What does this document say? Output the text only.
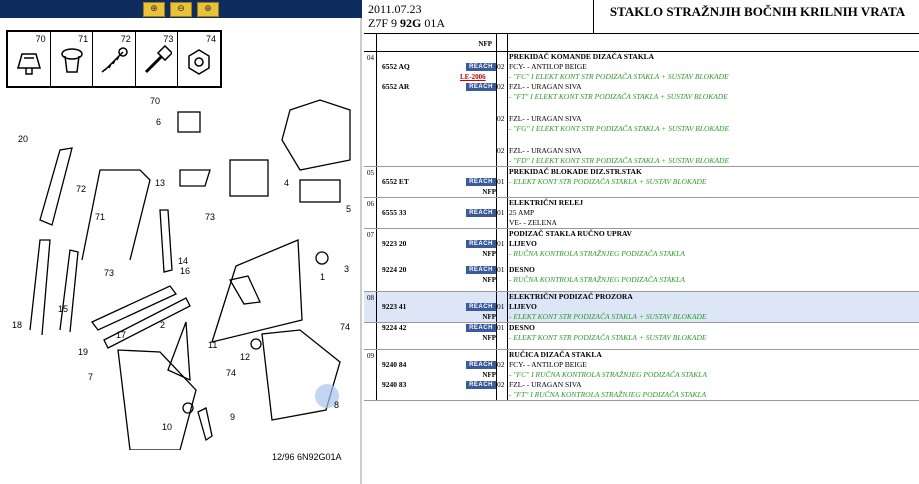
⊕ ⊖ ⊕
70	71	72	73	74
70
6
20
13
72
71
5
73
4
1
3
14
16
15
73
18	2
19
11
12
74
7	74
8
17
10
9
12/96 6N92G01A
2011.07.23
Z7F 9 92G 01A
STAKLO STRAŽNJIH BOČNIH KRILNIH VRATA
NFP
04	PREKIDAČ KOMANDE DIZAČA STAKLA
6552 AQ	REACH 02 FCY- - ANTILOP BEIGE
LE-2006	- "FC" I ELEKT KONT STR PODIZAČA STAKLA + SUSTAV BLOKADE
6552 AR	REACH 02 FZL- - URAGAN SIVA
- "FT" I ELEKT KONT STR PODIZAČA STAKLA + SUSTAV BLOKADE
02 FZL- - URAGAN SIVA
- "FG" I ELEKT KONT STR PODIZAČA STAKLA + SUSTAV BLOKADE
02 FZL- - URAGAN SIVA
- "FD" I ELEKT KONT STR PODIZAČA STAKLA + SUSTAV BLOKADE
05	PREKIDAČ BLOKADE DIZ.STR.STAK
6552 ET	REACH 01 - ELEKT KONT STR PODIZAČA STAKLA + SUSTAV BLOKADE
NFP
06	ELEKTRIČNI RELEJ
6555 33	REACH 01 25 AMP
VE- - ZELENA
07	PODIZAČ STAKLA RUČNO UPRAV
9223 20	REACH 01 LIJEVO
NFP - RUČNA KONTROLA STRAŽNJEG PODIZAČA STAKLA
9224 20	REACH 01 DESNO
NFP - RUČNA KONTROLA STRAŽNJEG PODIZAČA STAKLA
08	ELEKTRIČNI PODIZAČ PROZORA
9223 41	REACH 01 LIJEVO
NFP - ELEKT KONT STR PODIZAČA STAKLA + SUSTAV BLOKADE
9224 42	REACH 01 DESNO
NFP - ELEKT KONT STR PODIZAČA STAKLA + SUSTAV BLOKADE
09	RUČICA DIZAČA STAKLA
9240 84	REACH 02 FCY- - ANTILOP BEIGE
NFP - "FC" I RUČNA KONTROLA STRAŽNJEG PODIZAČA STAKLA
9240 83	REACH 02 FZL- - URAGAN SIVA
- "FT" I RUČNA KONTROLA STRAŽNJEG PODIZAČA STAKLA
